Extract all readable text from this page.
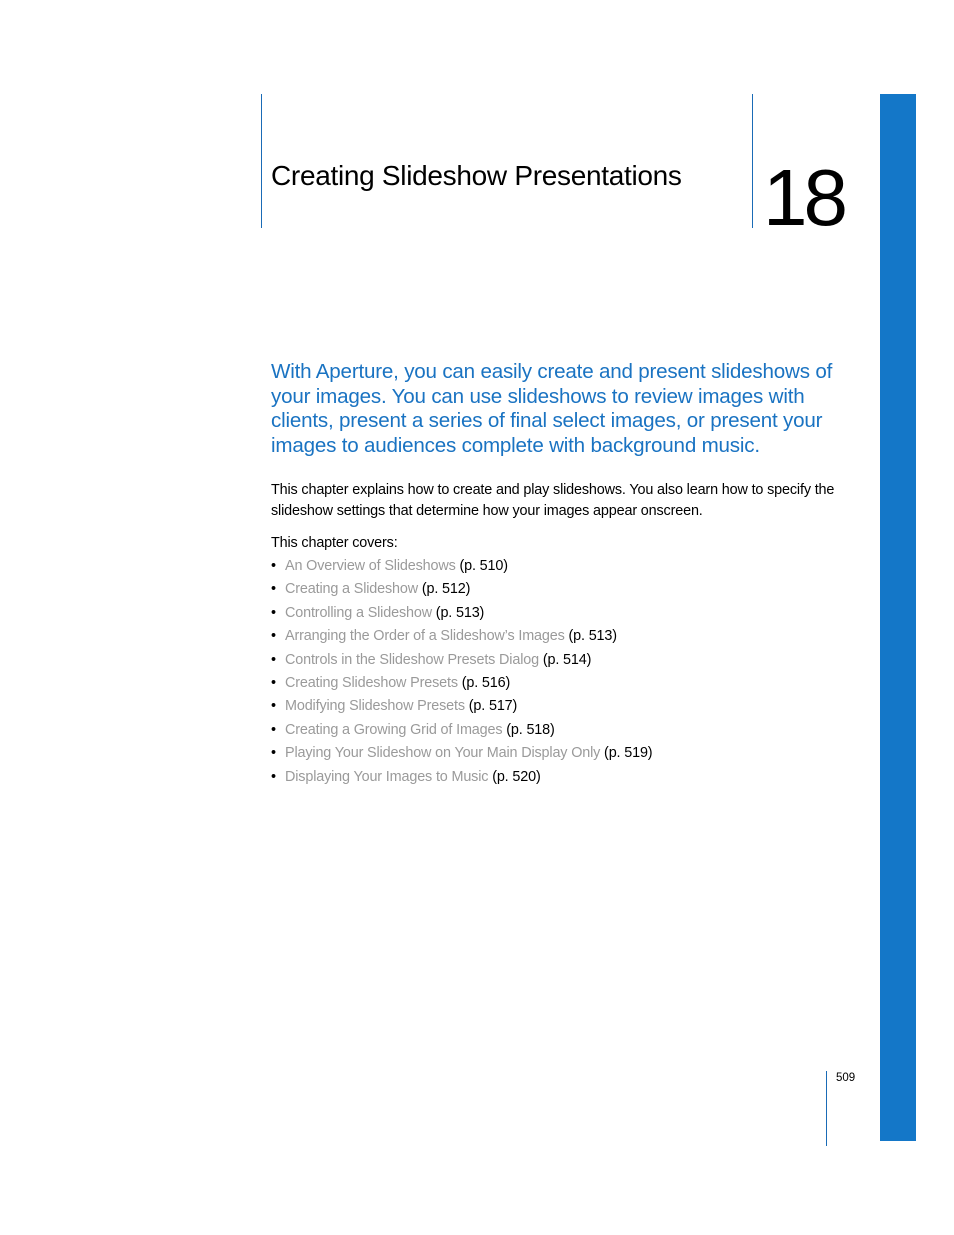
Creating Slideshow Presentations 18

With Aperture, you can easily create and present slideshows of your images. You can use slideshows to review images with clients, present a series of final select images, or present your images to audiences complete with background music.

This chapter explains how to create and play slideshows. You also learn how to specify the slideshow settings that determine how your images appear onscreen.

This chapter covers:

• An Overview of Slideshows (p. 510)
• Creating a Slideshow (p. 512)
• Controlling a Slideshow (p. 513)
• Arranging the Order of a Slideshow’s Images (p. 513)
• Controls in the Slideshow Presets Dialog (p. 514)
• Creating Slideshow Presets (p. 516)
• Modifying Slideshow Presets (p. 517)
• Creating a Growing Grid of Images (p. 518)
• Playing Your Slideshow on Your Main Display Only (p. 519)
• Displaying Your Images to Music (p. 520)
509
